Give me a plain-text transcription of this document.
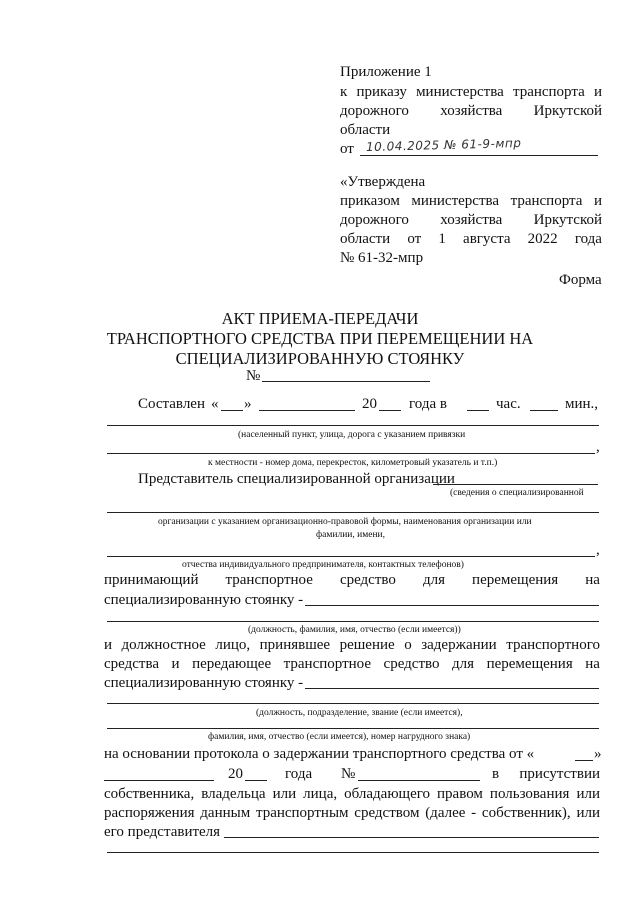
Приложение 1
к приказу министерства транспорта и
дорожного хозяйства Иркутской
области
от 10.04.2025 № 61-9-мпр
«Утверждена
приказом министерства транспорта и
дорожного хозяйства Иркутской
области от 1 августа 2022 года
№ 61-32-мпр
Форма
АКТ ПРИЕМА-ПЕРЕДАЧИ
ТРАНСПОРТНОГО СРЕДСТВА ПРИ ПЕРЕМЕЩЕНИИ НА
СПЕЦИАЛИЗИРОВАННУЮ СТОЯНКУ
№
Составлен « »	20 года в	час.	мин.,
(населенный пункт, улица, дорога с указанием привязки
,
к местности - номер дома, перекресток, километровый указатель и т.п.)
Представитель специализированной организации
(сведения о специализированной
организации с указанием организационно-правовой формы, наименования организации или
фамилии, имени,
,
отчества индивидуального предпринимателя, контактных телефонов)
принимающий транспортное средство для перемещения на
специализированную стоянку -
(должность, фамилия, имя, отчество (если имеется))
и должностное лицо, принявшее решение о задержании транспортного
средства и передающее транспортное средство для перемещения на
специализированную стоянку -
(должность, подразделение, звание (если имеется),
фамилия, имя, отчество (если имеется), номер нагрудного знака)
на основании протокола о задержании транспортного средства от «	»
20	года №	в присутствии
собственника, владельца или лица, обладающего правом пользования или
распоряжения данным транспортным средством (далее - собственник), или
его представителя
